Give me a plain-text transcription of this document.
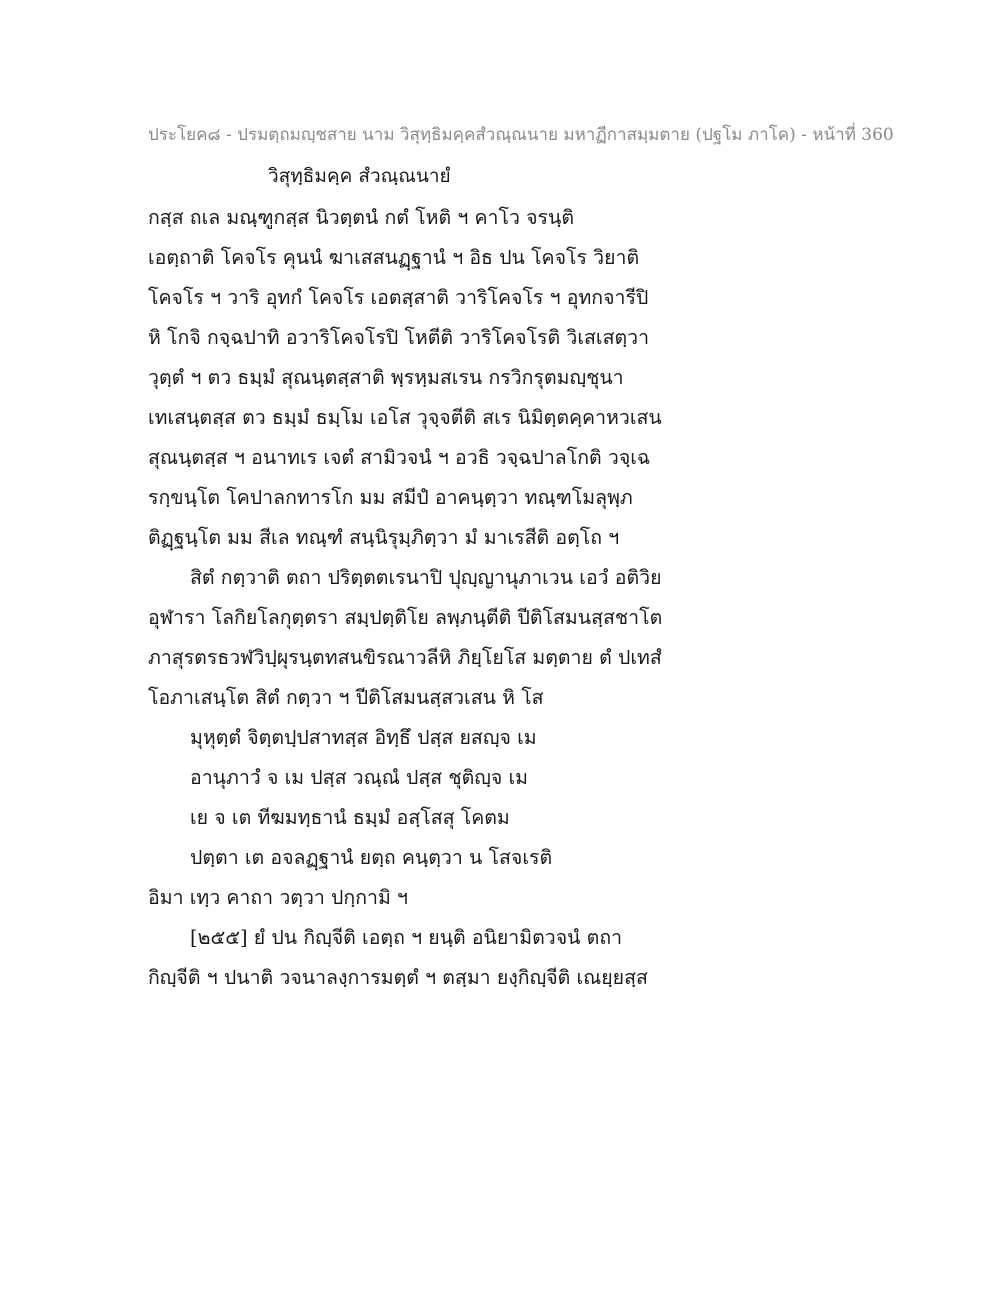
ประโยค๘ - ปรมตฺถมญฺชสาย นาม วิสุทฺธิมคฺคสํวณฺณนาย มหาฏีกาสมฺมตาย (ปฐโม ภาโค) - หน้าที่ 360
วิสุทฺธิมคฺค สํวณฺณนายํ
กสฺส ถเล มณฺฑูกสฺส นิวตฺตนํ กตํ โหติ ฯ คาโว จรนฺติ
เอตฺถาติ โคจโร คุนนํ ฆาเสสนฏฺฐานํ ฯ อิธ ปน โคจโร วิยาติ
โคจโร ฯ วาริ อุทกํ โคจโร เอตสฺสาติ วาริโคจโร ฯ อุทกจารีปิ
หิ โกจิ กจฺฉปาทิ อวาริโคจโรปิ โหตีติ วาริโคจโรติ วิเสเสตฺวา
วุตฺตํ ฯ ตว ธมฺมํ สุณนฺตสฺสาติ พฺรหฺมสเรน กรวิกรุตมญฺชุนา
เทเสนฺตสฺส ตว ธมฺมํ ธมฺโม เอโส วุจฺจตีติ สเร นิมิตฺตคฺคาหวเสน
สุณนฺตสฺส ฯ อนาทเร เจตํ สามิวจนํ ฯ อวธิ วจฺฉปาลโกติ วจฺเฉ
รกฺขนฺโต โคปาลกทารโก มม สมีปํ อาคนฺตฺวา ทณฺฑโมลุพฺภ
ติฏฺฐนฺโต มม สีเล ทณฺฑํ สนฺนิรุมฺภิตฺวา มํ มาเรสีติ อตฺโถ ฯ
สิตํ กตฺวาติ ตถา ปริตฺตตเรนาปิ ปุญฺญานุภาเวน เอวํ อติวิย
อุฬารา โลกิยโลกุตฺตรา สมฺปตฺติโย ลพฺภนฺตีติ ปีติโสมนสฺสชาโต
ภาสุรตรธวฬวิปฺผุรนฺตทสนขิรณาวลีหิ ภิยฺโยโส มตฺตาย ตํ ปเทสํ
โอภาเสนฺโต สิตํ กตฺวา ฯ ปีติโสมนสฺสวเสน หิ โส
มุหุตฺตํ จิตฺตปฺปสาทสฺส อิทฺธึ ปสฺส ยสญฺจ เม
อานุภาวํ จ เม ปสฺส วณฺณํ ปสฺส ชุติญฺจ เม
เย จ เต ทีฆมทฺธานํ ธมฺมํ อสฺโสสุ โคตม
ปตฺตา เต อจลฏฺฐานํ ยตฺถ คนฺตฺวา น โสจเรติ
อิมา เทฺว คาถา วตฺวา ปกฺกามิ ฯ
[๒๕๕] ยํ ปน กิญฺจีติ เอตฺถ ฯ ยนฺติ อนิยามิตวจนํ ตถา
กิญฺจีติ ฯ ปนาติ วจนาลงฺการมตฺตํ ฯ ตสฺมา ยงฺกิญฺจีติ เณยฺยสฺส
